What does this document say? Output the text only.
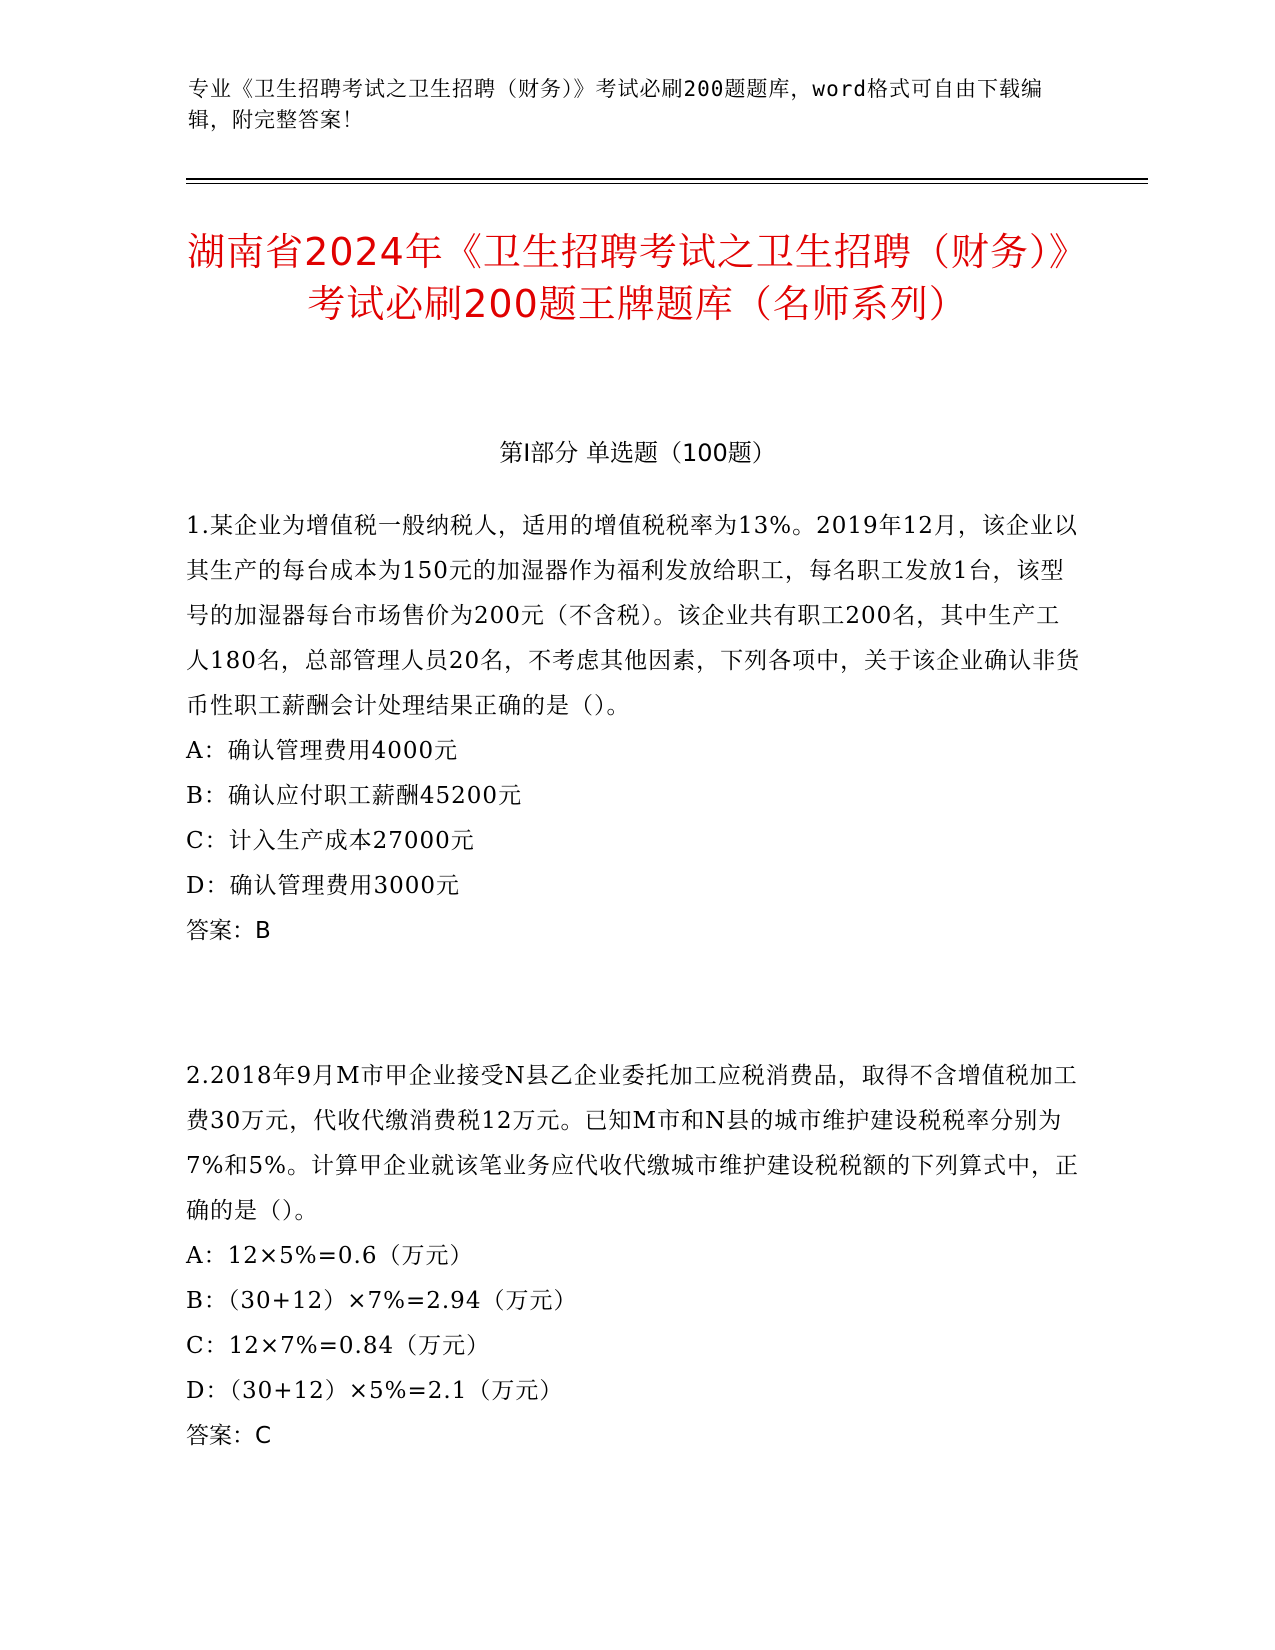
专业《卫生招聘考试之卫生招聘（财务）》考试必刷200题题库，word格式可自由下载编辑，附完整答案！
湖南省2024年《卫生招聘考试之卫生招聘（财务）》考试必刷200题王牌题库（名师系列）
第I部分 单选题（100题）

1.某企业为增值税一般纳税人，适用的增值税税率为13%。2019年12月，该企业以其生产的每台成本为150元的加湿器作为福利发放给职工，每名职工发放1台，该型号的加湿器每台市场售价为200元（不含税）。该企业共有职工200名，其中生产工人180名，总部管理人员20名，不考虑其他因素，下列各项中，关于该企业确认非货币性职工薪酬会计处理结果正确的是（）。

A：确认管理费用4000元

B：确认应付职工薪酬45200元

C：计入生产成本27000元

D：确认管理费用3000元

答案：B

2.2018年9月M市甲企业接受N县乙企业委托加工应税消费品，取得不含增值税加工费30万元，代收代缴消费税12万元。已知M市和N县的城市维护建设税税率分别为7%和5%。计算甲企业就该笔业务应代收代缴城市维护建设税税额的下列算式中，正确的是（）。

A：12×5%=0.6（万元）

B：（30+12）×7%=2.94（万元）

C：12×7%=0.84（万元）

D：（30+12）×5%=2.1（万元）

答案：C
